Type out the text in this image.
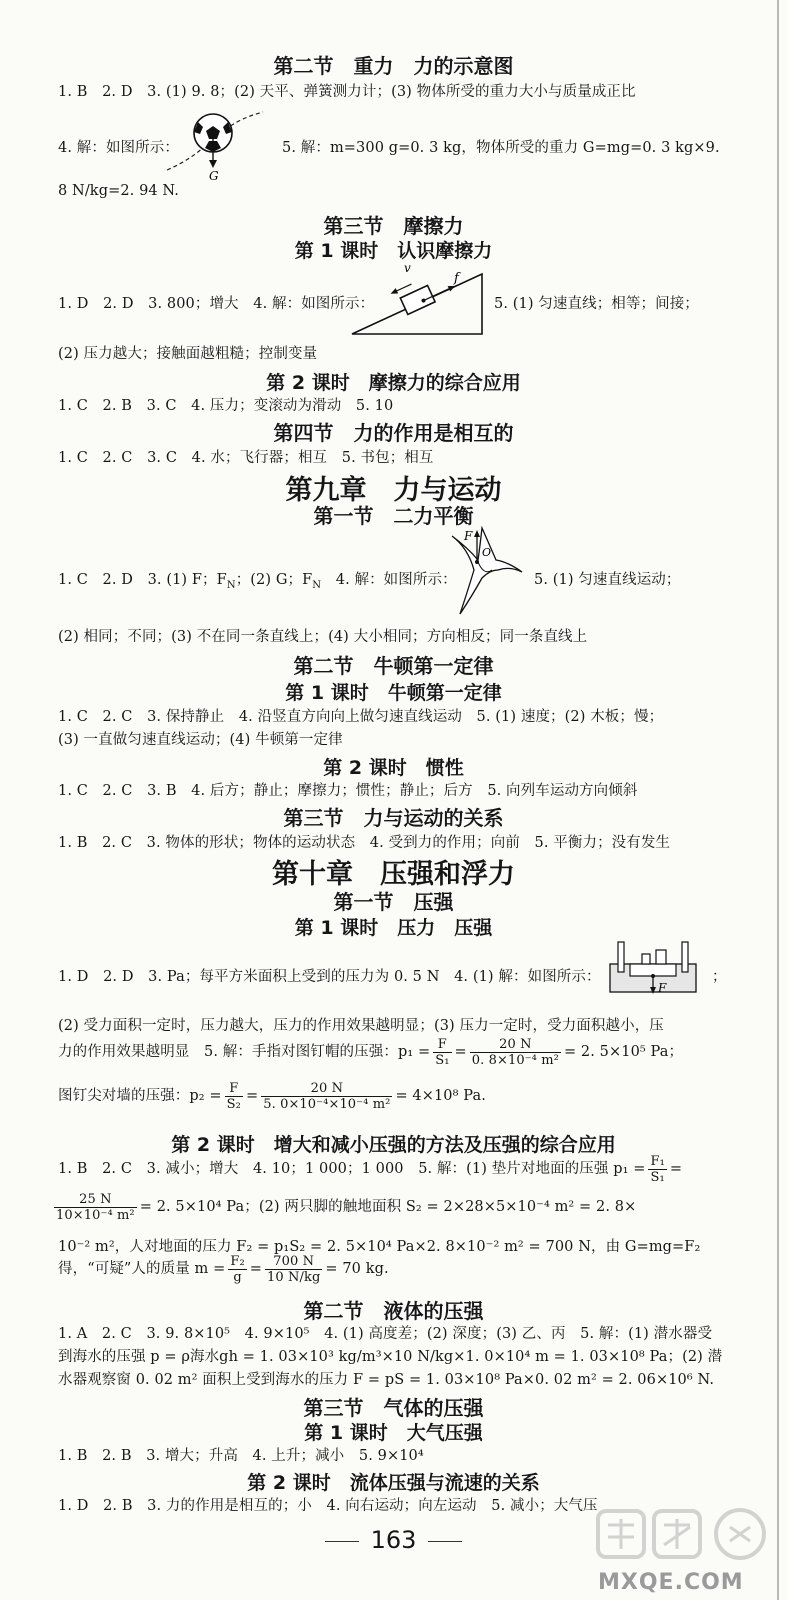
第二节　重力　力的示意图
1. B　2. D　3. (1) 9. 8；(2) 天平、弹簧测力计；(3) 物体所受的重力大小与质量成正比
4. 解：如图所示：
G
5. 解：m=300 g=0. 3 kg，物体所受的重力 G=mg=0. 3 kg×9.
8 N/kg=2. 94 N.
第三节　摩擦力
第 1 课时　认识摩擦力
1. D　2. D　3. 800；增大　4. 解：如图所示：
v
f
5. (1) 匀速直线；相等；间接；
(2) 压力越大；接触面越粗糙；控制变量
第 2 课时　摩擦力的综合应用
1. C　2. B　3. C　4. 压力；变滚动为滑动　5. 10
第四节　力的作用是相互的
1. C　2. C　3. C　4. 水；飞行器；相互　5. 书包；相互
第九章　力与运动
第一节　二力平衡
1. C　2. D　3. (1) F；$F_N$；(2) G；$F_N$　4. 解：如图所示：
F
O
5. (1) 匀速直线运动；
(2) 相同；不同；(3) 不在同一条直线上；(4) 大小相同；方向相反；同一条直线上
第二节　牛顿第一定律
第 1 课时　牛顿第一定律
1. C　2. C　3. 保持静止　4. 沿竖直方向向上做匀速直线运动　5. (1) 速度；(2) 木板；慢；
(3) 一直做匀速直线运动；(4) 牛顿第一定律
第 2 课时　惯性
1. C　2. C　3. B　4. 后方；静止；摩擦力；惯性；静止；后方　5. 向列车运动方向倾斜
第三节　力与运动的关系
1. B　2. C　3. 物体的形状；物体的运动状态　4. 受到力的作用；向前　5. 平衡力；没有发生
第十章　压强和浮力
第一节　压强
第 1 课时　压力　压强
1. D　2. D　3. Pa；每平方米面积上受到的压力为 0. 5 N　4. (1) 解：如图所示：
F
；
(2) 受力面积一定时，压力越大，压力的作用效果越明显；(3) 压力一定时，受力面积越小，压
力的作用效果越明显　5. 解：手指对图钉帽的压强：$p_1 = \frac{F}{\text{S₁}} = \frac{20 N}{\text{0. 8×10⁻⁴ m²}} = 2$. 5×10⁵ Pa；
图钉尖对墙的压强：$p_2 = \frac{F}{\text{S₂}} = \frac{20 N}{\text{5. 0×10⁻⁴×10⁻⁴ m²}} = 4\times 10^8$ Pa.
第 2 课时　增大和减小压强的方法及压强的综合应用
1. B　2. C　3. 减小；增大　4. 10；1 000；1 000　5. 解：(1) 垫片对地面的压强 $p_1 = \frac{\text{F₁}}{\text{S₁}}$ =
$\frac{25 N}{\text{10×10⁻⁴ m²}} = 2$. 5×10⁴ Pa；(2) 两只脚的触地面积 S₂ = 2×28×5×10⁻⁴ m² = 2. 8×
10⁻² m²，人对地面的压力 F₂ = p₁S₂ = 2. 5×10⁴ Pa×2. 8×10⁻² m² = 700 N，由 G=mg=F₂
得，“可疑”人的质量 $m = \frac{\text{F₂}}{g} = \frac{700 N}{10 N/kg} = 70$ kg.
第二节　液体的压强
1. A　2. C　3. 9. 8×10⁵　4. 9×10⁵　4. (1) 高度差；(2) 深度；(3) 乙、丙　5. 解：(1) 潜水器受
到海水的压强 p = ρ海水gh = 1. 03×10³ kg/m³×10 N/kg×1. 0×10⁴ m = 1. 03×10⁸ Pa；(2) 潜
水器观察窗 0. 02 m² 面积上受到海水的压力 F = pS = 1. 03×10⁸ Pa×0. 02 m² = 2. 06×10⁶ N.
第三节　气体的压强
第 1 课时　大气压强
1. B　2. B　3. 增大；升高　4. 上升；减小　5. 9×10⁴
第 2 课时　流体压强与流速的关系
1. D　2. B　3. 力的作用是相互的；小　4. 向右运动；向左运动　5. 减小；大气压
163
MXQE.COM
